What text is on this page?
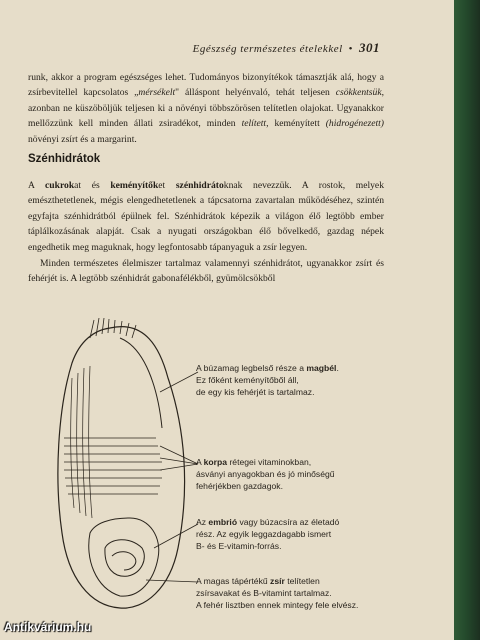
Egészség természetes ételekkel • 301
runk, akkor a program egészséges lehet. Tudományos bizonyítékok támasztják alá, hogy a zsírbevitellel kapcsolatos „mérsékelt" álláspont helyénvaló, tehát teljesen csökkentsük, azonban ne küszöböljük teljesen ki a növényi többszörösen telítetlen olajokat. Ugyanakkor mellőzzünk kell minden állati zsiradékot, minden telített, keményített (hidrogénezett) növényi zsírt és a margarint.
Szénhidrátok
A cukrokat és keményítőket szénhidrátoknak nevezzük. A rostok, melyek emészthetetlenek, mégis elengedhetetlenek a tápcsatorna zavartalan működéséhez, szintén egyfajta szénhidrátból épülnek fel. Szénhidrátok képezik a világon élő legtöbb ember táplálkozásának alapját. Csak a nyugati országokban élő bővelkedő, gazdag népek engedhetik meg maguknak, hogy legfontosabb tápanyaguk a zsír legyen.
Minden természetes élelmiszer tartalmaz valamennyi szénhidrátot, ugyanakkor zsírt és fehérjét is. A legtöbb szénhidrát gabonafélékből, gyümölcsökből
A búzamag legbelső része a magbél.
Ez főként keményítőből áll,
de egy kis fehérjét is tartalmaz.
A korpa rétegei vitaminokban,
ásványi anyagokban és jó minőségű
fehérjékben gazdagok.
Az embrió vagy búzacsíra az életadó
rész. Az egyik leggazdagabb ismert
B- és E-vitamin-forrás.
A magas tápértékű zsír telítetlen
zsírsavakat és B-vitamint tartalmaz.
A fehér lisztben ennek mintegy fele elvész.
Antikvárium.hu
